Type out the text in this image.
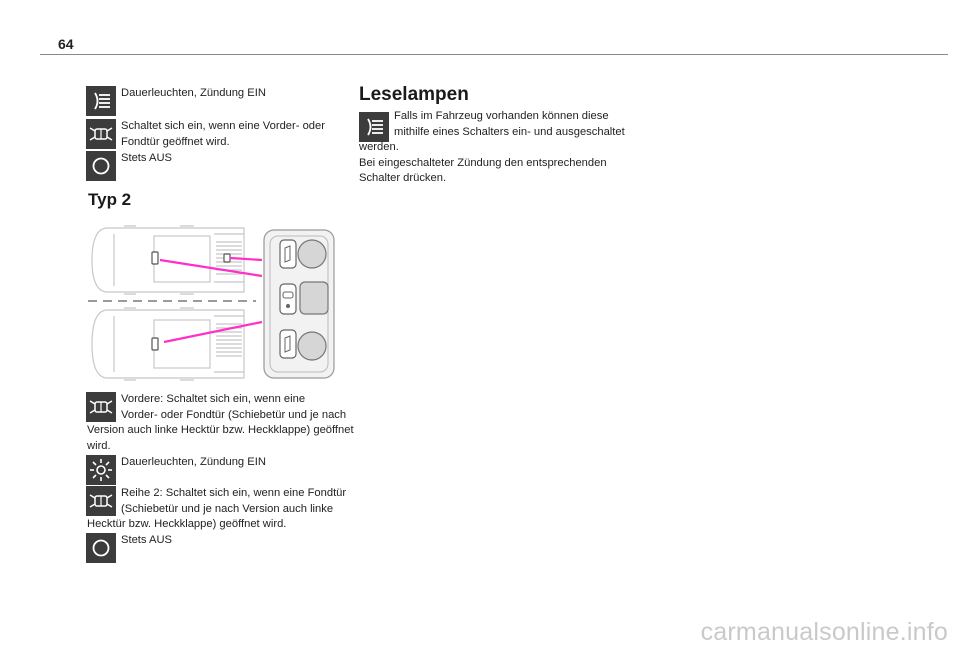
64
Dauerleuchten, Zündung EIN
Schaltet sich ein, wenn eine Vorder- oder
Fondtür geöffnet wird.
Stets AUS
Typ 2
Vordere: Schaltet sich ein, wenn eine
Vorder- oder Fondtür (Schiebetür und je nach
Version auch linke Hecktür bzw. Heckklappe) geöffnet
wird.
Dauerleuchten, Zündung EIN
Reihe 2: Schaltet sich ein, wenn eine Fondtür
(Schiebetür und je nach Version auch linke
Hecktür bzw. Heckklappe) geöffnet wird.
Stets AUS
Leselampen
Falls im Fahrzeug vorhanden können diese
mithilfe eines Schalters ein- und ausgeschaltet
werden.
Bei eingeschalteter Zündung den entsprechenden
Schalter drücken.
carmanualsonline.info
